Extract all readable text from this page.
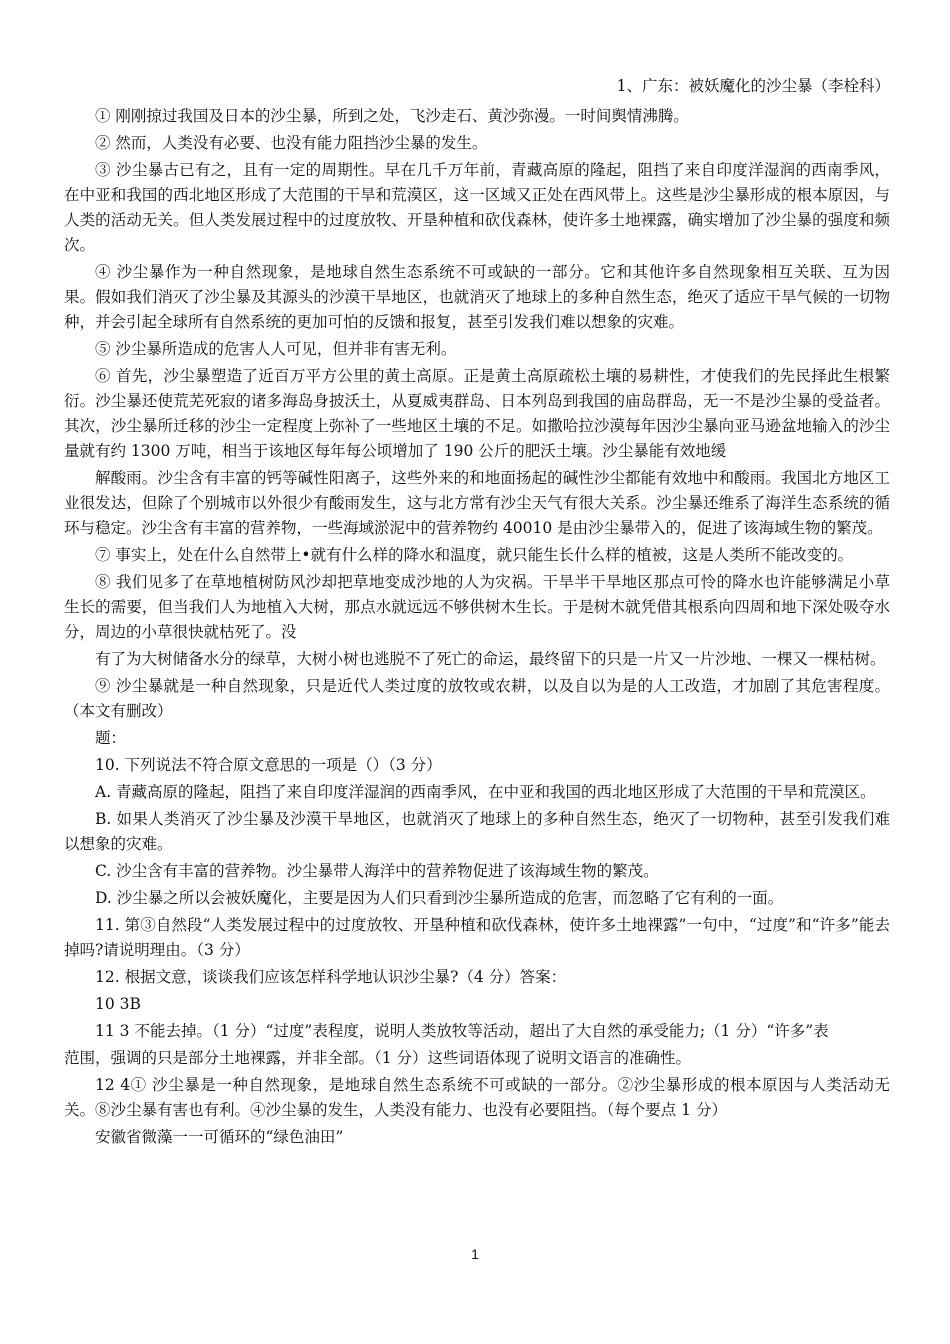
1、广东：被妖魔化的沙尘暴（李栓科）

① 刚刚掠过我国及日本的沙尘暴，所到之处，飞沙走石、黄沙弥漫。一时间舆情沸腾。

② 然而，人类没有必要、也没有能力阻挡沙尘暴的发生。

③ 沙尘暴古已有之，且有一定的周期性。早在几千万年前，青藏高原的隆起，阻挡了来自印度洋湿润的西南季风，在中亚和我国的西北地区形成了大范围的干旱和荒漠区，这一区域又正处在西风带上。这些是沙尘暴形成的根本原因，与人类的活动无关。但人类发展过程中的过度放牧、开垦种植和砍伐森林，使许多土地裸露，确实增加了沙尘暴的强度和频次。

④ 沙尘暴作为一种自然现象，是地球自然生态系统不可或缺的一部分。它和其他许多自然现象相互关联、互为因果。假如我们消灭了沙尘暴及其源头的沙漠干旱地区，也就消灭了地球上的多种自然生态，绝灭了适应干旱气候的一切物种，并会引起全球所有自然系统的更加可怕的反馈和报复，甚至引发我们难以想象的灾难。

⑤ 沙尘暴所造成的危害人人可见，但并非有害无利。

⑥ 首先，沙尘暴塑造了近百万平方公里的黄土高原。正是黄土高原疏松土壤的易耕性，才使我们的先民择此生根繁衍。沙尘暴还使荒芜死寂的诸多海岛身披沃土，从夏威夷群岛、日本列岛到我国的庙岛群岛，无一不是沙尘暴的受益者。其次，沙尘暴所迁移的沙尘一定程度上弥补了一些地区土壤的不足。如撒哈拉沙漠每年因沙尘暴向亚马逊盆地输入的沙尘量就有约 1300 万吨，相当于该地区每年每公顷增加了 190 公斤的肥沃土壤。沙尘暴能有效地缓

解酸雨。沙尘含有丰富的钙等碱性阳离子，这些外来的和地面扬起的碱性沙尘都能有效地中和酸雨。我国北方地区工业很发达，但除了个别城市以外很少有酸雨发生，这与北方常有沙尘天气有很大关系。沙尘暴还维系了海洋生态系统的循环与稳定。沙尘含有丰富的营养物，一些海域淤泥中的营养物约 40010 是由沙尘暴带入的，促进了该海域生物的繁茂。

⑦ 事实上，处在什么自然带上•就有什么样的降水和温度，就只能生长什么样的植被，这是人类所不能改变的。

⑧ 我们见多了在草地植树防风沙却把草地变成沙地的人为灾祸。干旱半干旱地区那点可怜的降水也许能够满足小草生长的需要，但当我们人为地植入大树，那点水就远远不够供树木生长。于是树木就凭借其根系向四周和地下深处吸夺水分，周边的小草很快就枯死了。没

有了为大树储备水分的绿草，大树小树也逃脱不了死亡的命运，最终留下的只是一片又一片沙地、一棵又一棵枯树。

⑨ 沙尘暴就是一种自然现象，只是近代人类过度的放牧或农耕，以及自以为是的人工改造，才加剧了其危害程度。（本文有删改）

题：

10. 下列说法不符合原文意思的一项是（）（3 分）

A. 青藏高原的隆起，阻挡了来自印度洋湿润的西南季风，在中亚和我国的西北地区形成了大范围的干旱和荒漠区。

B. 如果人类消灭了沙尘暴及沙漠干旱地区，也就消灭了地球上的多种自然生态，绝灭了一切物种，甚至引发我们难以想象的灾难。

C. 沙尘含有丰富的营养物。沙尘暴带人海洋中的营养物促进了该海域生物的繁茂。

D. 沙尘暴之所以会被妖魔化，主要是因为人们只看到沙尘暴所造成的危害，而忽略了它有利的一面。

11. 第③自然段“人类发展过程中的过度放牧、开垦种植和砍伐森林，使许多土地裸露”一句中，“过度”和“许多”能去掉吗?请说明理由。（3 分）

12. 根据文意，谈谈我们应该怎样科学地认识沙尘暴?（4 分）答案：

10 3B

11 3 不能去掉。（1 分）“过度”表程度，说明人类放牧等活动，超出了大自然的承受能力;（1 分）“许多”表

范围，强调的只是部分土地裸露，并非全部。（1 分）这些词语体现了说明文语言的准确性。

12 4① 沙尘暴是一种自然现象，是地球自然生态系统不可或缺的一部分。②沙尘暴形成的根本原因与人类活动无关。⑧沙尘暴有害也有利。④沙尘暴的发生，人类没有能力、也没有必要阻挡。（每个要点 1 分）

安徽省微藻一一可循环的“绿色油田”

1
